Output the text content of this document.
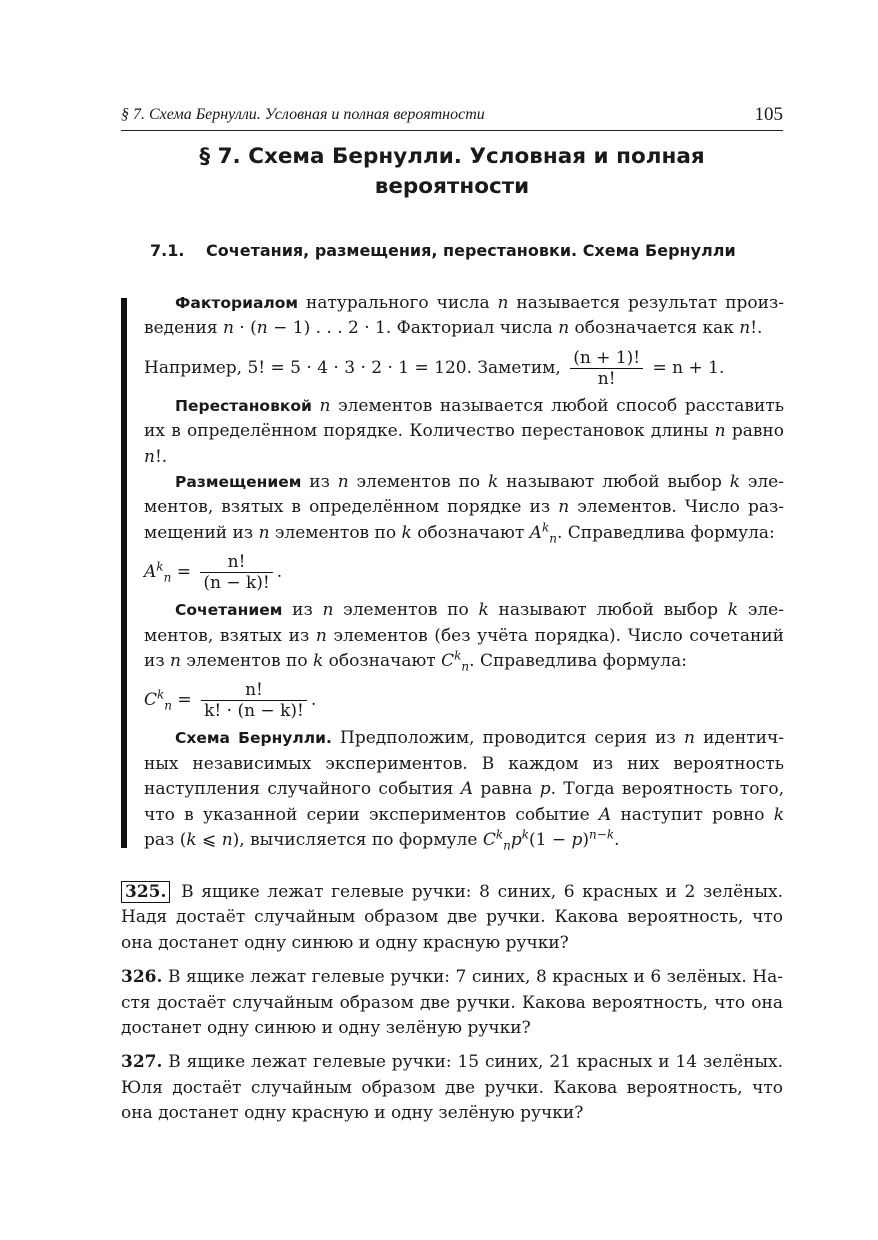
§ 7. Схема Бернулли. Условная и полная вероятности	105
§ 7. Схема Бернулли. Условная и полная вероятности
7.1. Сочетания, размещения, перестановки. Схема Бернулли

Факториалом натурального числа n называется результат произведения n · (n − 1) . . . 2 · 1. Факториал числа n обозначается как n!.

Например, 5! = 5 · 4 · 3 · 2 · 1 = 120. Заметим, $\frac{(n + 1)!}{n!} = n + 1$.

Перестановкой n элементов называется любой способ расставить их в определённом порядке. Количество перестановок длины n равно n!.

Размещением из n элементов по k называют любой выбор k элементов, взятых в определённом порядке из n элементов. Число размещений из n элементов по k обозначают $A^k_n$. Справедлива формула:

$A^k_n = \frac{n!}{(n - k)!}$ .

Сочетанием из n элементов по k называют любой выбор k элементов, взятых из n элементов (без учёта порядка). Число сочетаний из n элементов по k обозначают $C^k_n$. Справедлива формула:

$C^k_n = \frac{n!}{k! \cdot (n - k)!}$ .

Схема Бернулли. Предположим, проводится серия из n идентичных независимых экспериментов. В каждом из них вероятность наступления случайного события A равна p. Тогда вероятность того, что в указанной серии экспериментов событие A наступит ровно k раз (k ⩽ n), вычисляется по формуле $C^k_np^k(1 - p)^{n-k}$.

325. В ящике лежат гелевые ручки: 8 синих, 6 красных и 2 зелёных. Надя достаёт случайным образом две ручки. Какова вероятность, что она достанет одну синюю и одну красную ручки?

326. В ящике лежат гелевые ручки: 7 синих, 8 красных и 6 зелёных. Настя достаёт случайным образом две ручки. Какова вероятность, что она достанет одну синюю и одну зелёную ручки?

327. В ящике лежат гелевые ручки: 15 синих, 21 красных и 14 зелёных. Юля достаёт случайным образом две ручки. Какова вероятность, что она достанет одну красную и одну зелёную ручки?
